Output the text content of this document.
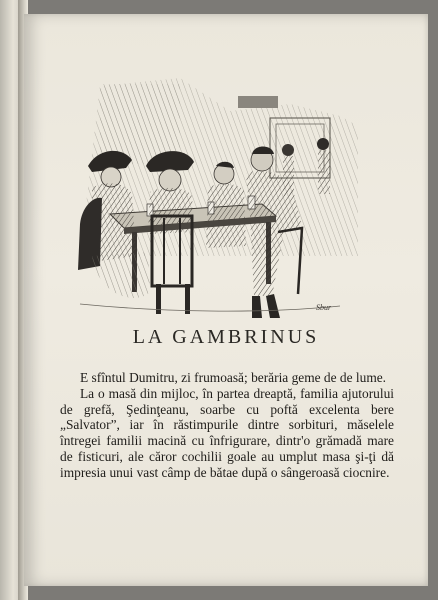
Sbur
LA GAMBRINUS

E sfîntul Dumitru, zi frumoasă; berăria geme de de lume.

La o masă din mijloc, în partea dreaptă, familia ajutorului de grefă, Şedinţeanu, soarbe cu poftă excelenta bere „Salvator”, iar în răstimpurile dintre sorbituri, măselele întregei familii macină cu înfrigurare, dintr'o grămadă mare de fisticuri, ale căror cochilii goale au umplut masa şi-ţi dă impresia unui vast câmp de bătae după o sângeroasă ciocnire.
